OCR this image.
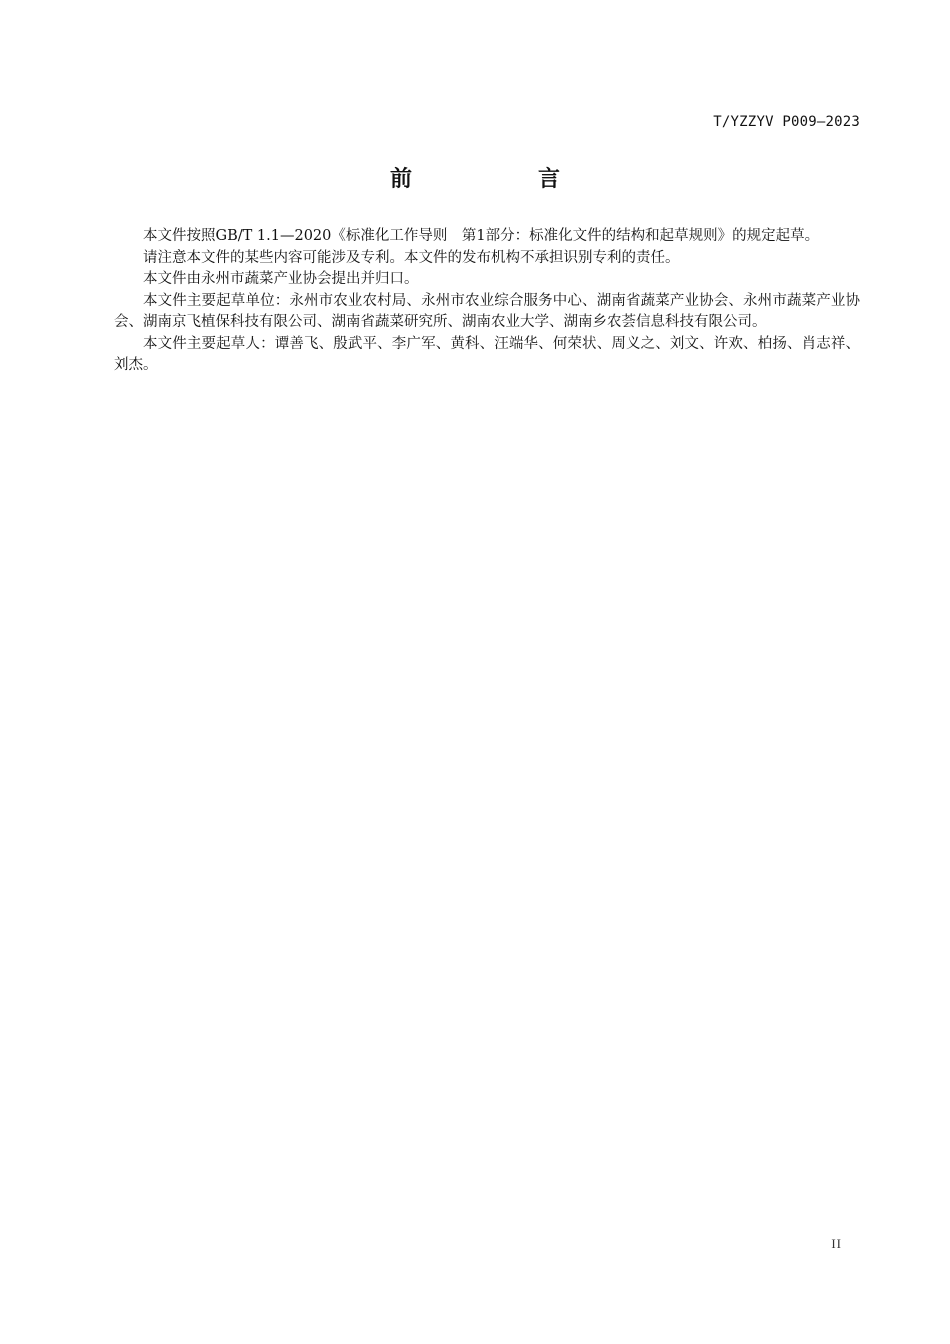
T/YZZYV P009—2023
前　言

本文件按照GB/T 1.1—2020《标准化工作导则　第1部分：标准化文件的结构和起草规则》的规定起草。

请注意本文件的某些内容可能涉及专利。本文件的发布机构不承担识别专利的责任。

本文件由永州市蔬菜产业协会提出并归口。

本文件主要起草单位：永州市农业农村局、永州市农业综合服务中心、湖南省蔬菜产业协会、永州市蔬菜产业协会、湖南京飞植保科技有限公司、湖南省蔬菜研究所、湖南农业大学、湖南乡农荟信息科技有限公司。

本文件主要起草人：谭善飞、殷武平、李广军、黄科、汪端华、何荣状、周义之、刘文、许欢、柏扬、肖志祥、刘杰。

II
